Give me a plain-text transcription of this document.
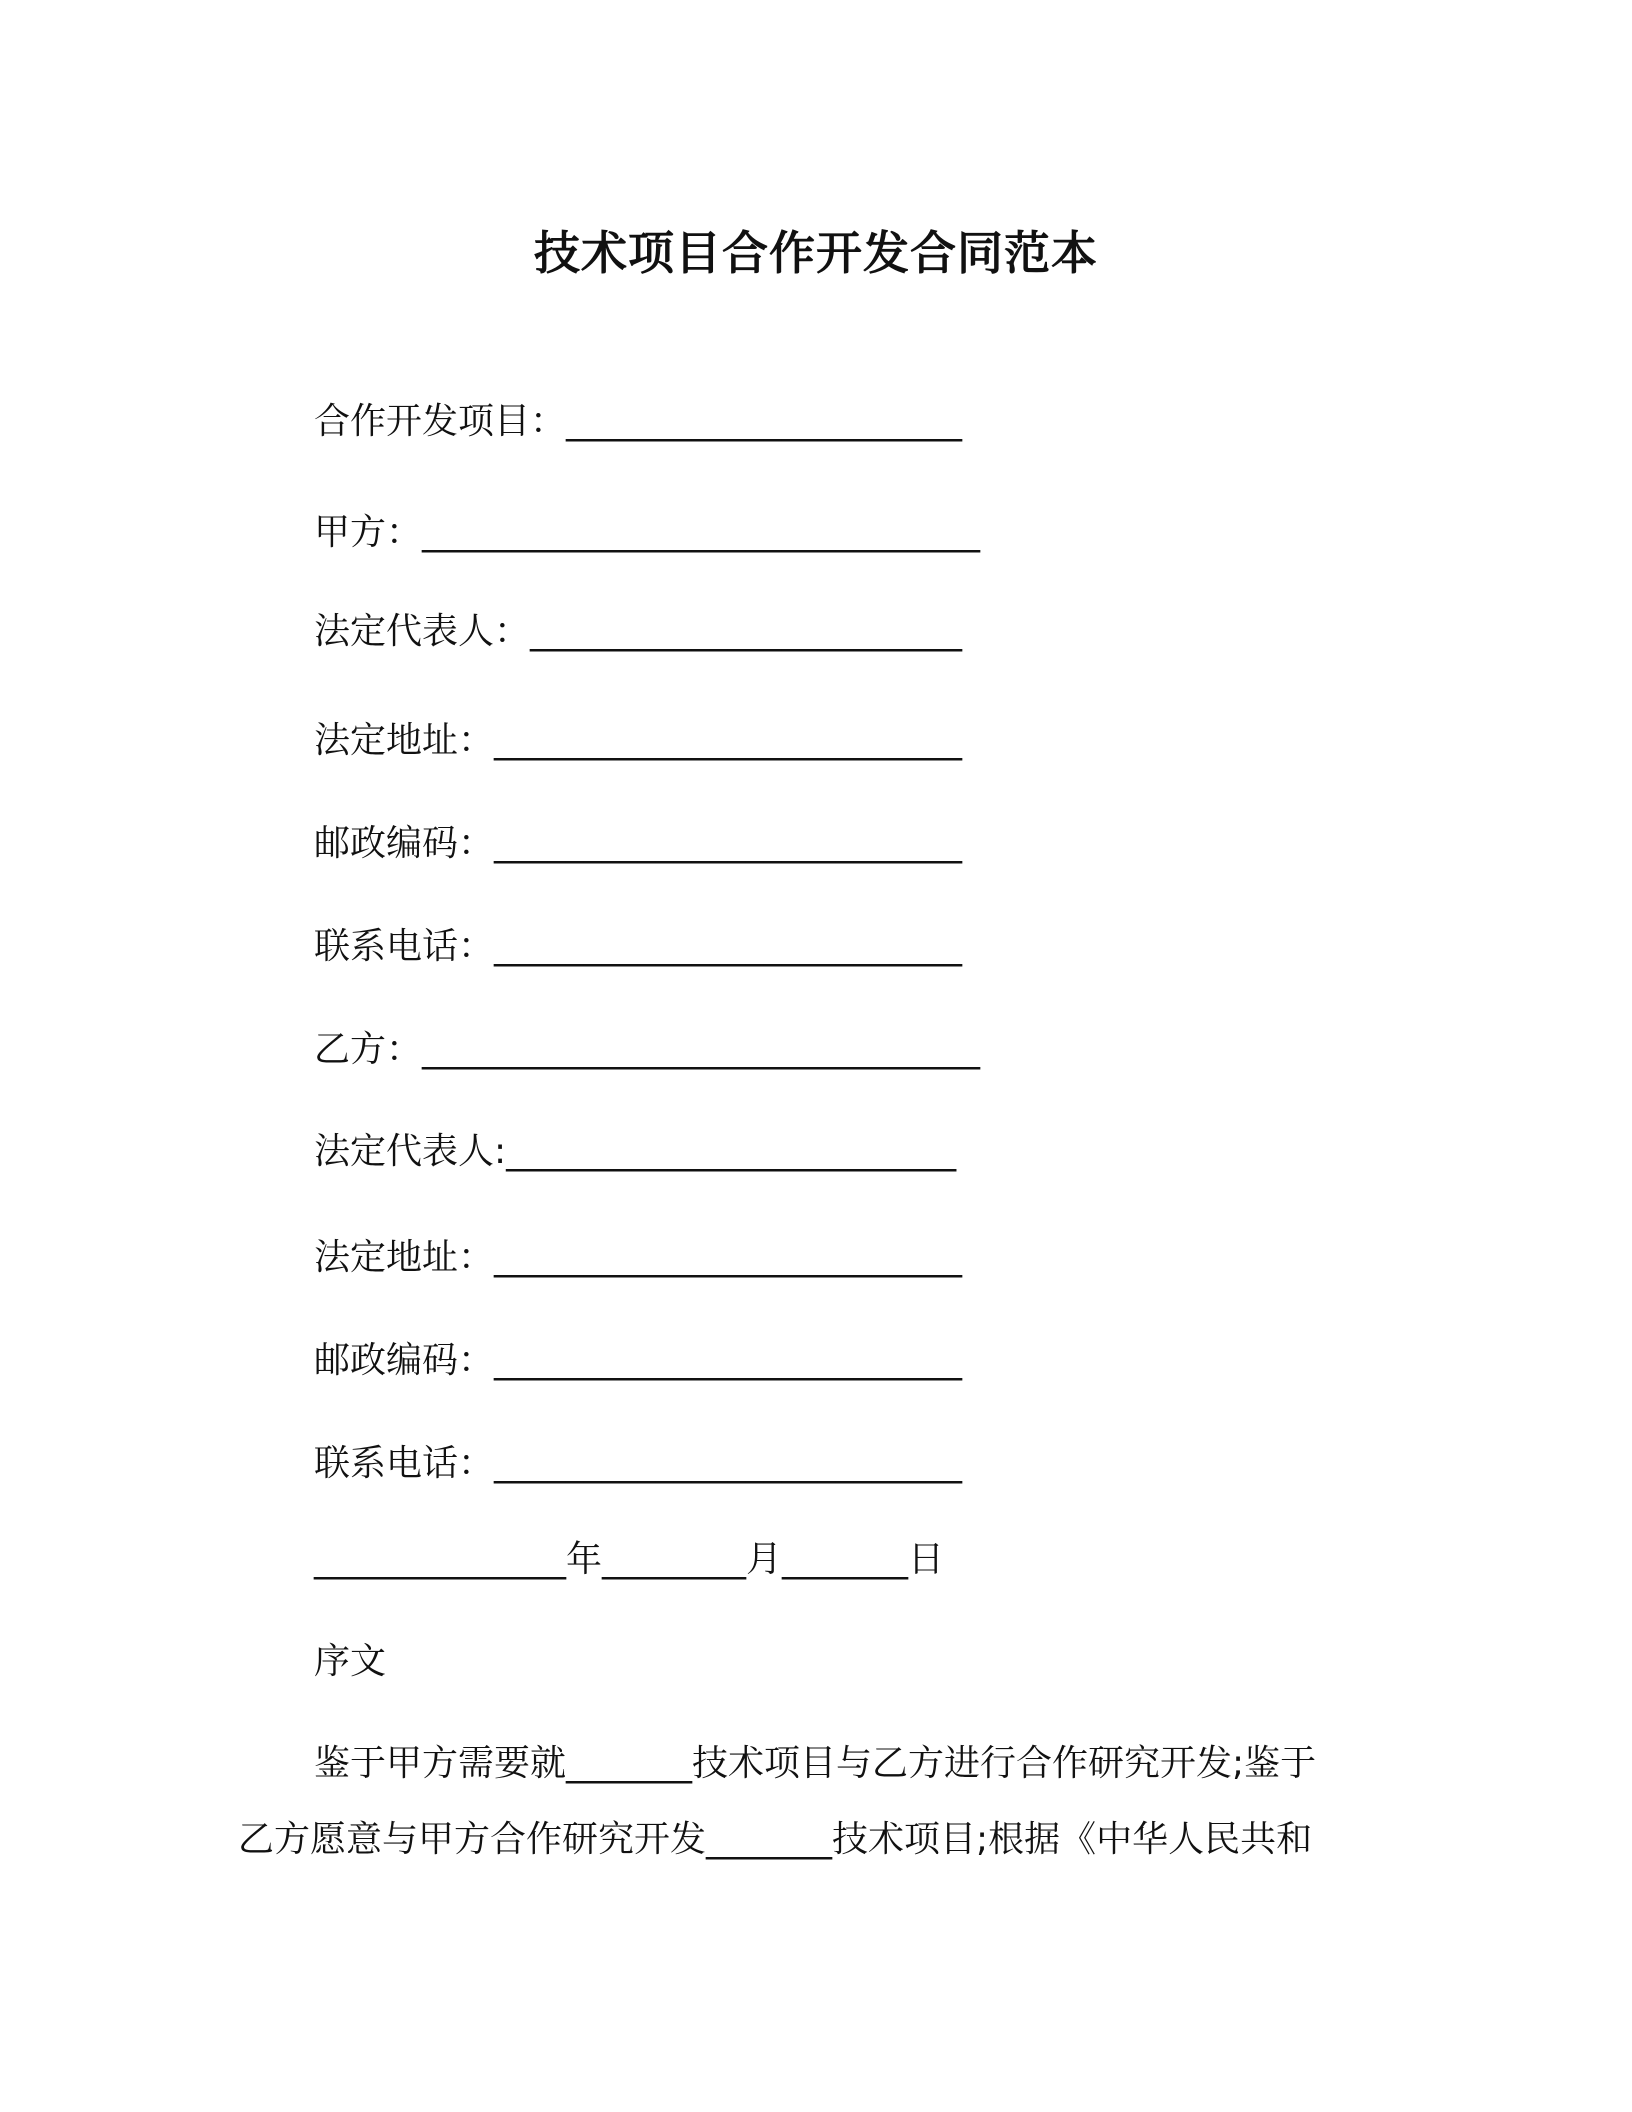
技术项目合作开发合同范本
合作开发项目：______________________
甲方：_______________________________
法定代表人：________________________
法定地址：__________________________
邮政编码：__________________________
联系电话：__________________________
乙方：_______________________________
法定代表人:_________________________
法定地址：__________________________
邮政编码：__________________________
联系电话：__________________________
______________年________月_______日
序文
鉴于甲方需要就_______技术项目与乙方进行合作研究开发;鉴于
乙方愿意与甲方合作研究开发_______技术项目;根据《中华人民共和
